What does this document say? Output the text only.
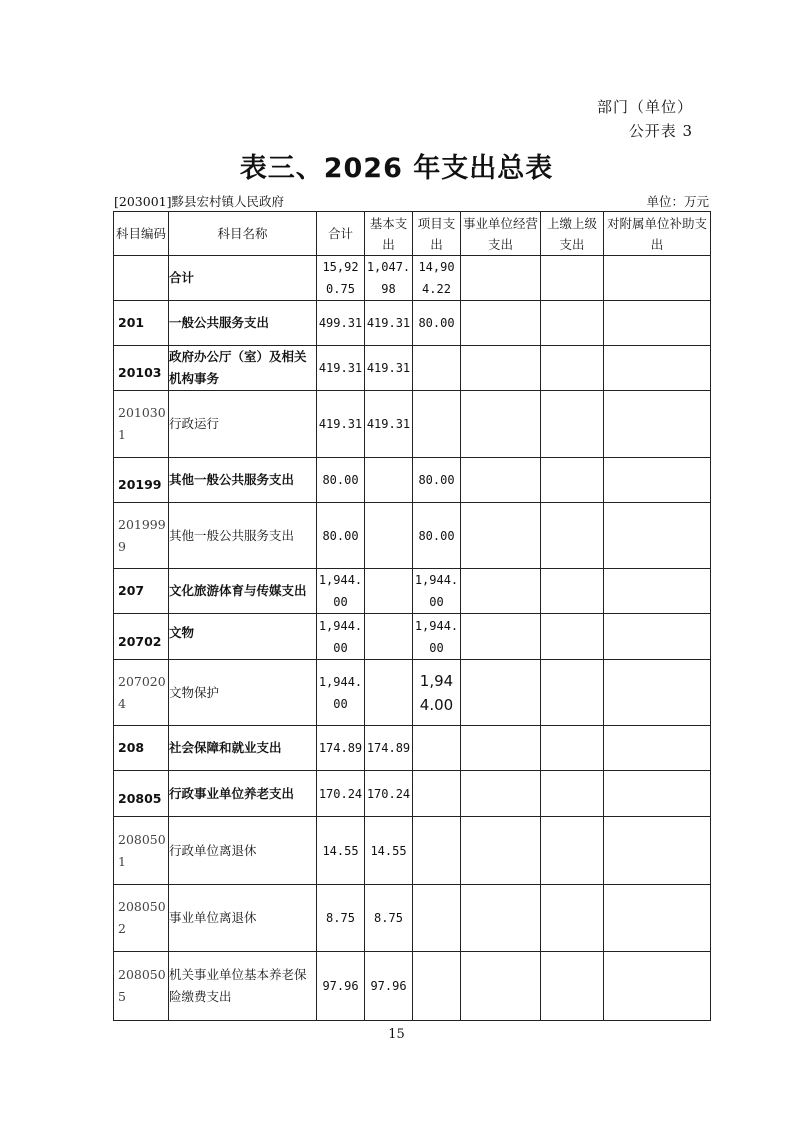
部门（单位）
公开表 3
表三、2026 年支出总表
[203001]黟县宏村镇人民政府	单位：万元
科目编码	科目名称	合计	基本支出	项目支出	事业单位经营支出	上缴上级支出	对附属单位补助支出
	合计	15,920.75	1,047.98	14,904.22			
201	一般公共服务支出	499.31	419.31	80.00			
20103	政府办公厅（室）及相关机构事务	419.31	419.31				
2010301	行政运行	419.31	419.31				
20199	其他一般公共服务支出	80.00		80.00			
2019999	其他一般公共服务支出	80.00		80.00			
207	文化旅游体育与传媒支出	1,944.00		1,944.00			
20702	文物	1,944.00		1,944.00			
2070204	文物保护	1,944.00		1,944.00			
208	社会保障和就业支出	174.89	174.89				
20805	行政事业单位养老支出	170.24	170.24				
2080501	行政单位离退休	14.55	14.55				
2080502	事业单位离退休	8.75	8.75				
2080505	机关事业单位基本养老保险缴费支出	97.96	97.96				
15
